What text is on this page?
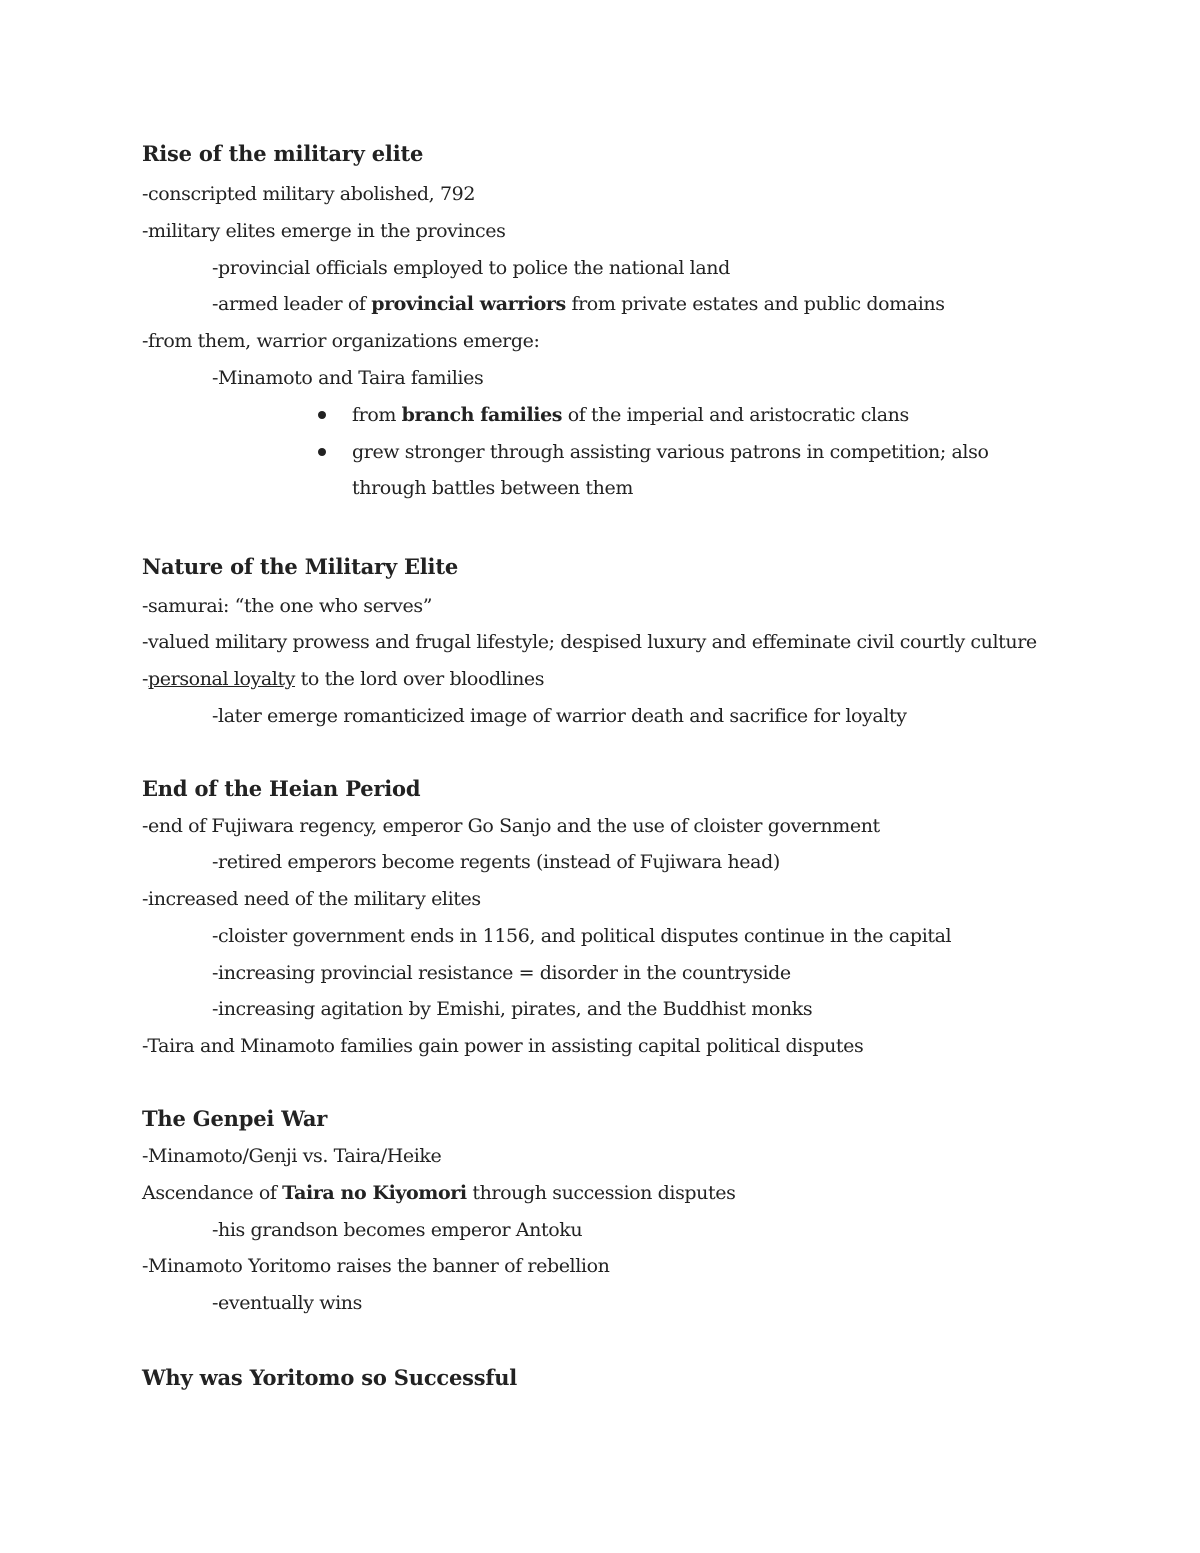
Rise of the military elite

-conscripted military abolished, 792

-military elites emerge in the provinces

-provincial officials employed to police the national land

-armed leader of provincial warriors from private estates and public domains

-from them, warrior organizations emerge:

-Minamoto and Taira families

from branch families of the imperial and aristocratic clans

grew stronger through assisting various patrons in competition; also

through battles between them

Nature of the Military Elite

-samurai: “the one who serves”

-valued military prowess and frugal lifestyle; despised luxury and effeminate civil courtly culture

-personal loyalty to the lord over bloodlines

-later emerge romanticized image of warrior death and sacrifice for loyalty

End of the Heian Period

-end of Fujiwara regency, emperor Go Sanjo and the use of cloister government

-retired emperors become regents (instead of Fujiwara head)

-increased need of the military elites

-cloister government ends in 1156, and political disputes continue in the capital

-increasing provincial resistance = disorder in the countryside

-increasing agitation by Emishi, pirates, and the Buddhist monks

-Taira and Minamoto families gain power in assisting capital political disputes

The Genpei War

-Minamoto/Genji vs. Taira/Heike

Ascendance of Taira no Kiyomori through succession disputes

-his grandson becomes emperor Antoku

-Minamoto Yoritomo raises the banner of rebellion

-eventually wins

Why was Yoritomo so Successful
